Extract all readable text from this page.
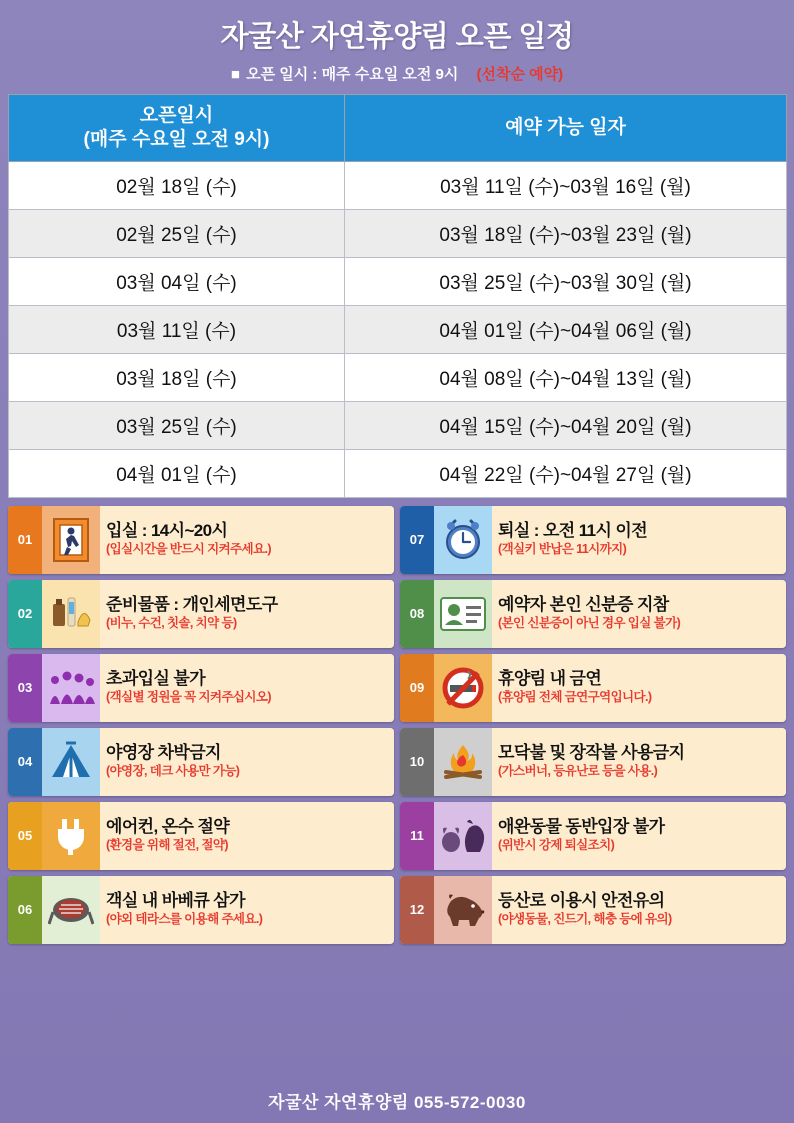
자굴산 자연휴양림 오픈 일정
■ 오픈 일시 : 매주 수요일 오전 9시 (선착순 예약)
오픈일시
(매주 수요일 오전 9시)	예약 가능 일자
02월 18일 (수)	03월 11일 (수)~03월 16일 (월)
02월 25일 (수)	03월 18일 (수)~03월 23일 (월)
03월 04일 (수)	03월 25일 (수)~03월 30일 (월)
03월 11일 (수)	04월 01일 (수)~04월 06일 (월)
03월 18일 (수)	04월 08일 (수)~04월 13일 (월)
03월 25일 (수)	04월 15일 (수)~04월 20일 (월)
04월 01일 (수)	04월 22일 (수)~04월 27일 (월)
01	입실 : 14시~20시
(입실시간을 반드시 지켜주세요.)
07	퇴실 : 오전 11시 이전
(객실키 반납은 11시까지)
02	준비물품 : 개인세면도구
(비누, 수건, 칫솔, 치약 등)
08	예약자 본인 신분증 지참
(본인 신분증이 아닌 경우 입실 불가)
03	초과입실 불가
(객실별 정원을 꼭 지켜주십시오)
09	휴양림 내 금연
(휴양림 전체 금연구역입니다.)
04	야영장 차박금지
(야영장, 데크 사용만 가능)
10	모닥불 및 장작불 사용금지
(가스버너, 등유난로 등을 사용.)
05	에어컨, 온수 절약
(환경을 위해 절전, 절약)
11	애완동물 동반입장 불가
(위반시 강제 퇴실조치)
06	객실 내 바베큐 삼가
(야외 테라스를 이용해 주세요.)
12	등산로 이용시 안전유의
(야생동물, 진드기, 해충 등에 유의)
자굴산 자연휴양림 055-572-0030
